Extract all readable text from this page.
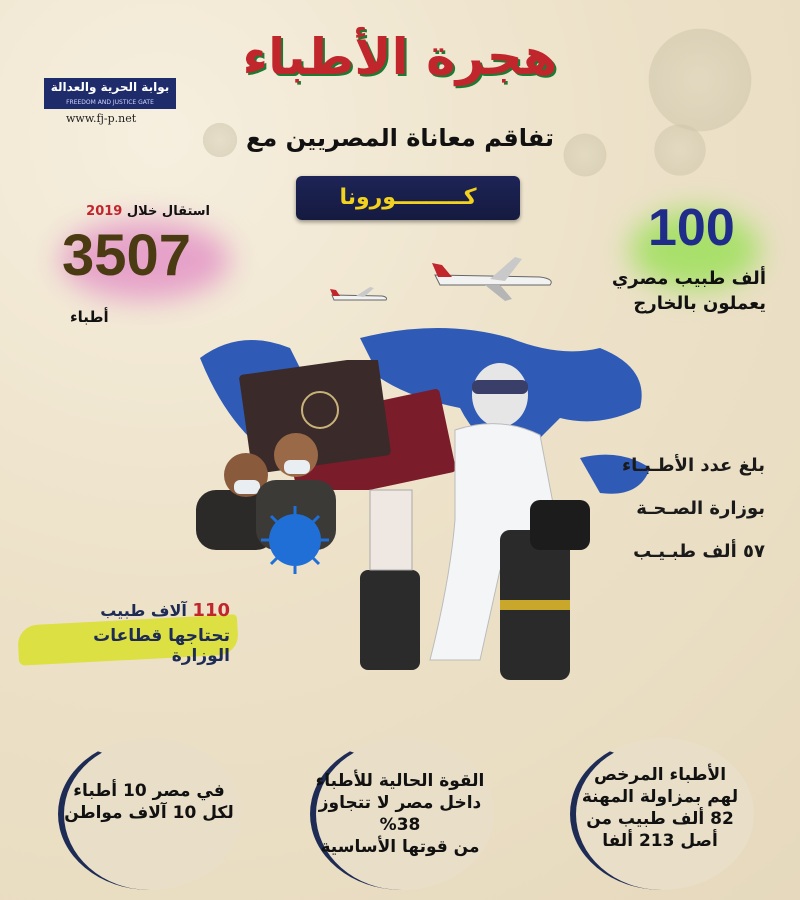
بوابة الحرية والعدالة
FREEDOM AND JUSTICE GATE
www.fj-p.net
هجرة الأطباء
تفاقم معاناة المصريين مع
كـــــــــورونا
استقال خلال 2019
3507
أطباء
100
ألف طبيب مصري
يعملون بالخارج
بلغ عدد الأطـبـاء
بوزارة الصـحـة
٥٧ ألف طبـيـب
110 آلاف طبيب
تحتاجها قطاعات الوزارة
في مصر 10 أطباء
لكل 10 آلاف مواطن
القوة الحالية للأطباء
داخل مصر لا تتجاوز 38%
من قوتها الأساسية
الأطباء المرخص
لهم بمزاولة المهنة
82 ألف طبيب من
أصل 213 ألفا
